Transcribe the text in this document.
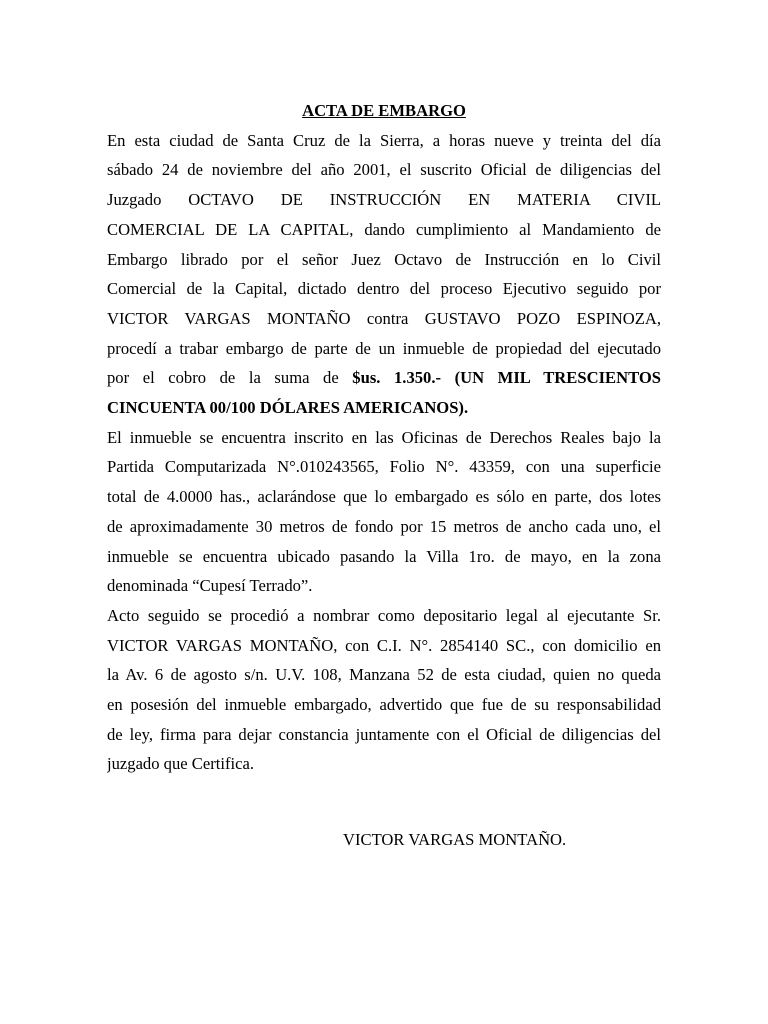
ACTA DE EMBARGO

En esta ciudad de Santa Cruz de la Sierra, a horas nueve y treinta del día
sábado 24 de noviembre del año 2001, el suscrito Oficial de diligencias del
Juzgado OCTAVO DE INSTRUCCIÓN EN MATERIA CIVIL
COMERCIAL DE LA CAPITAL, dando cumplimiento al Mandamiento de
Embargo librado por el señor Juez Octavo de Instrucción en lo Civil
Comercial de la Capital, dictado dentro del proceso Ejecutivo seguido por
VICTOR VARGAS MONTAÑO contra GUSTAVO POZO ESPINOZA,
procedí a trabar embargo de parte de un inmueble de propiedad del ejecutado
por el cobro de la suma de $us. 1.350.- (UN MIL TRESCIENTOS
CINCUENTA 00/100 DÓLARES AMERICANOS).
El inmueble se encuentra inscrito en las Oficinas de Derechos Reales bajo la
Partida Computarizada N°.010243565, Folio N°. 43359, con una superficie
total de 4.0000 has., aclarándose que lo embargado es sólo en parte, dos lotes
de aproximadamente 30 metros de fondo por 15 metros de ancho cada uno, el
inmueble se encuentra ubicado pasando la Villa 1ro. de mayo, en la zona
denominada “Cupesí Terrado”.
Acto seguido se procedió a nombrar como depositario legal al ejecutante Sr.
VICTOR VARGAS MONTAÑO, con C.I. N°. 2854140 SC., con domicilio en
la Av. 6 de agosto s/n. U.V. 108, Manzana 52 de esta ciudad, quien no queda
en posesión del inmueble embargado, advertido que fue de su responsabilidad
de ley, firma para dejar constancia juntamente con el Oficial de diligencias del
juzgado que Certifica.
VICTOR VARGAS MONTAÑO.
